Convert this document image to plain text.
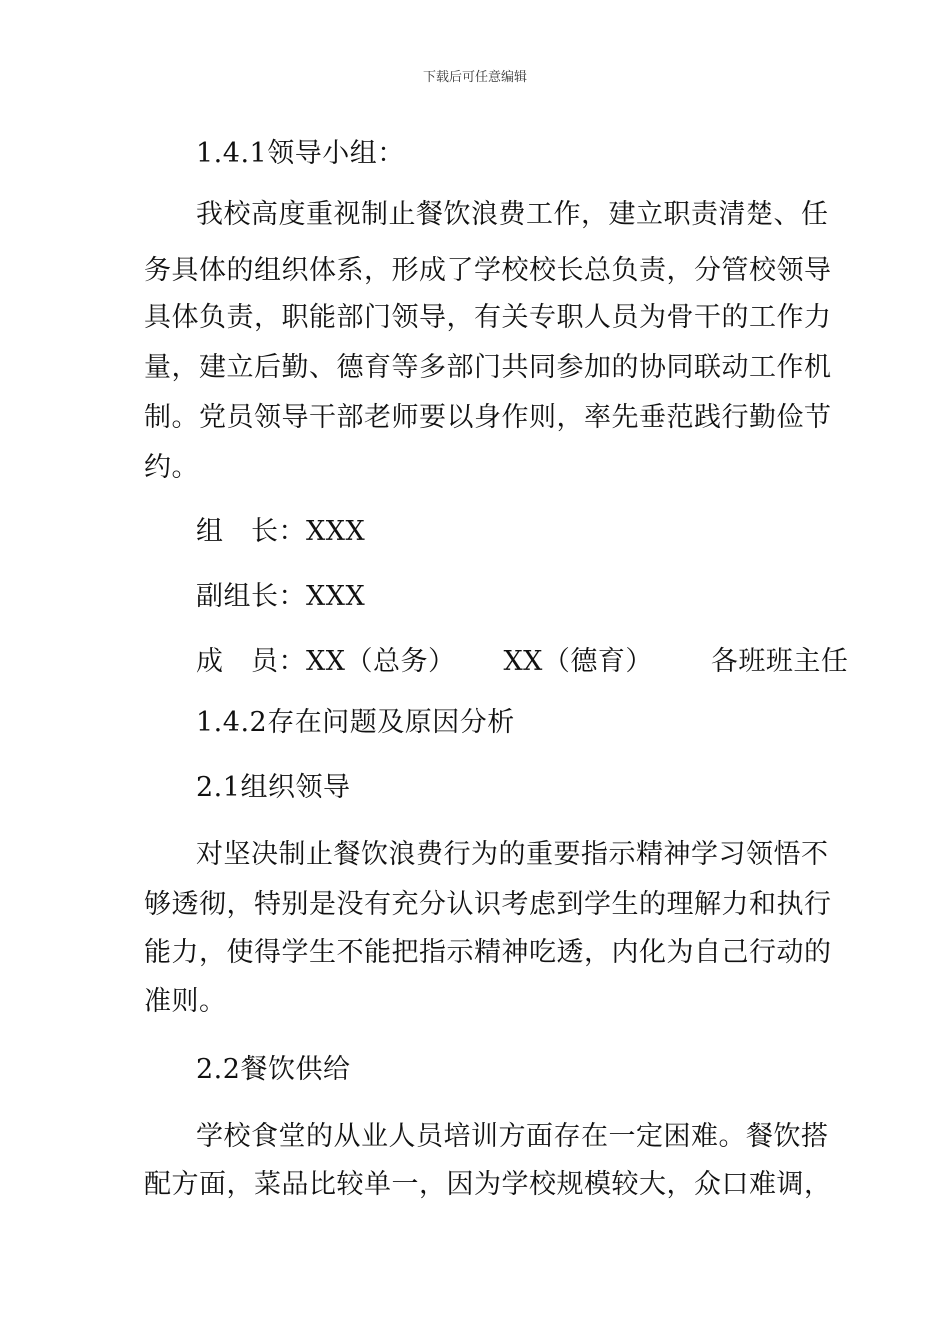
下载后可任意编辑
1.4.1领导小组：
我校高度重视制止餐饮浪费工作，建立职责清楚、任
务具体的组织体系，形成了学校校长总负责，分管校领导
具体负责，职能部门领导，有关专职人员为骨干的工作力
量，建立后勤、德育等多部门共同参加的协同联动工作机
制。党员领导干部老师要以身作则，率先垂范践行勤俭节
约。
组　长：XXX
副组长：XXX
成　员：XX（总务） XX（德育） 各班班主任
1.4.2存在问题及原因分析
2.1组织领导
对坚决制止餐饮浪费行为的重要指示精神学习领悟不
够透彻，特别是没有充分认识考虑到学生的理解力和执行
能力，使得学生不能把指示精神吃透，内化为自己行动的
准则。
2.2餐饮供给
学校食堂的从业人员培训方面存在一定困难。餐饮搭
配方面，菜品比较单一，因为学校规模较大，众口难调，
